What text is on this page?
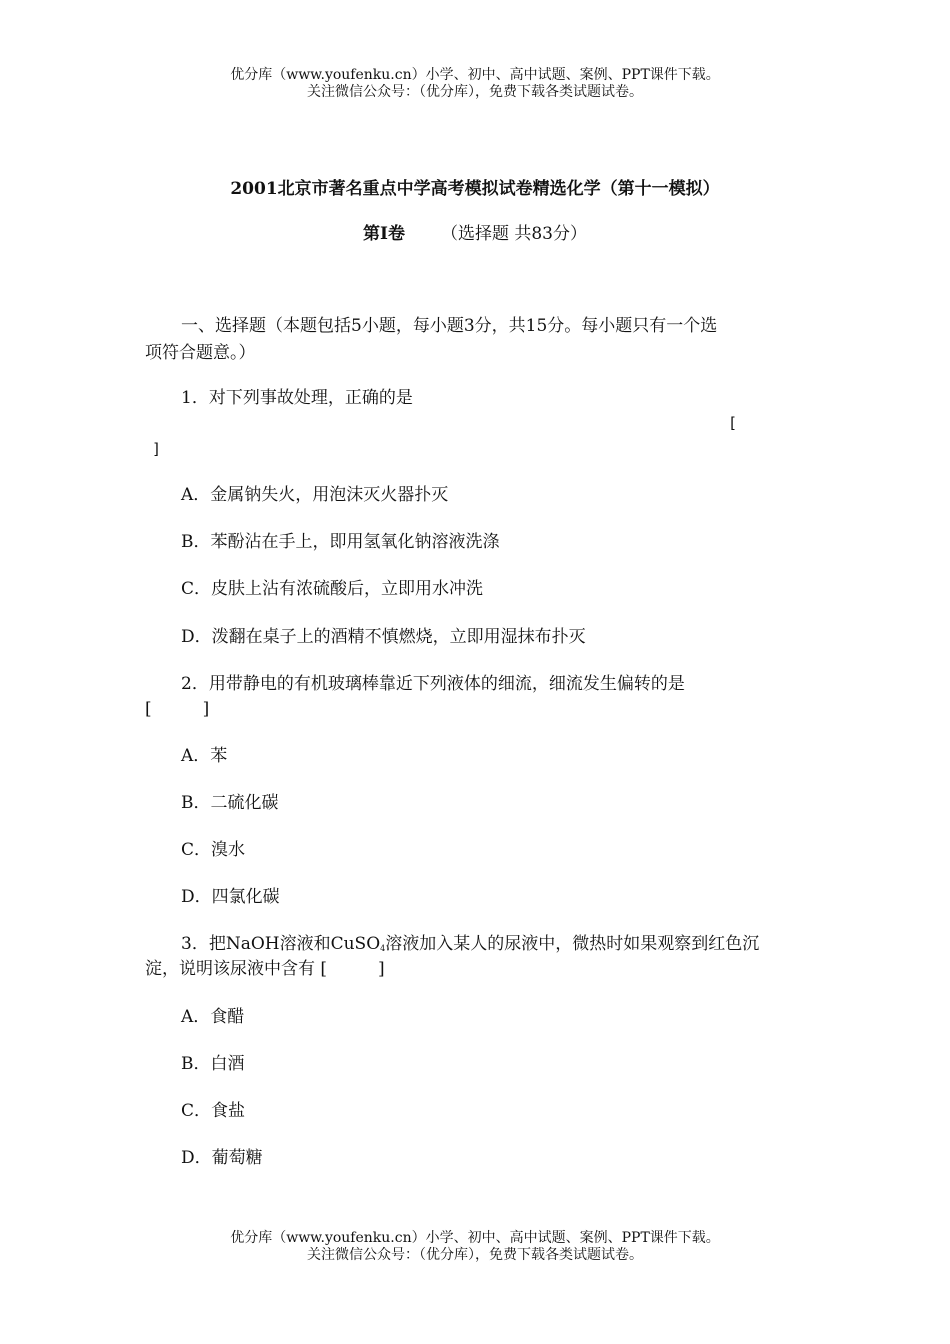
优分库（www.youfenku.cn）小学、初中、高中试题、案例、PPT课件下载。
关注微信公众号：（优分库），免费下载各类试题试卷。
2001北京市著名重点中学高考模拟试卷精选化学（第十一模拟）
第Ⅰ卷 （选择题 共83分）
一、选择题（本题包括5小题，每小题3分，共15分。每小题只有一个选
项符合题意。）
1．对下列事故处理，正确的是
[
]
A．金属钠失火，用泡沫灭火器扑灭
B．苯酚沾在手上，即用氢氧化钠溶液洗涤
C．皮肤上沾有浓硫酸后，立即用水冲洗
D．泼翻在桌子上的酒精不慎燃烧，立即用湿抹布扑灭
2．用带静电的有机玻璃棒靠近下列液体的细流，细流发生偏转的是
[　　　]
A．苯
B．二硫化碳
C．溴水
D．四氯化碳
3．把NaOH溶液和CuSO$_4$溶液加入某人的尿液中，微热时如果观察到红色沉
淀，说明该尿液中含有 [　　　]
A．食醋
B．白酒
C．食盐
D．葡萄糖
优分库（www.youfenku.cn）小学、初中、高中试题、案例、PPT课件下载。
关注微信公众号：（优分库），免费下载各类试题试卷。
